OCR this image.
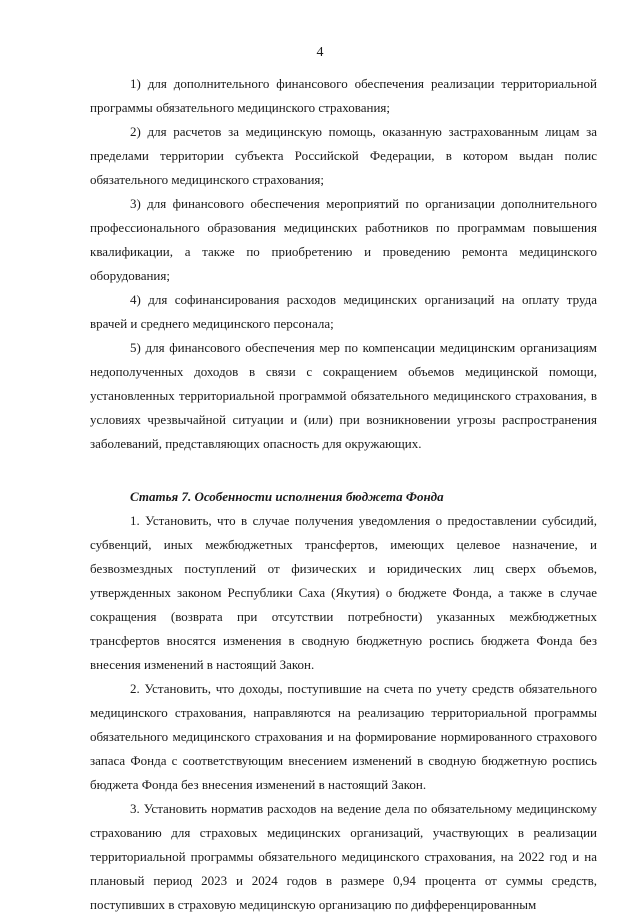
4

1) для дополнительного финансового обеспечения реализации территориальной программы обязательного медицинского страхования;

2) для расчетов за медицинскую помощь, оказанную застрахованным лицам за пределами территории субъекта Российской Федерации, в котором выдан полис обязательного медицинского страхования;

3) для финансового обеспечения мероприятий по организации дополнительного профессионального образования медицинских работников по программам повышения квалификации, а также по приобретению и проведению ремонта медицинского оборудования;

4) для софинансирования расходов медицинских организаций на оплату труда врачей и среднего медицинского персонала;

5) для финансового обеспечения мер по компенсации медицинским организациям недополученных доходов в связи с сокращением объемов медицинской помощи, установленных территориальной программой обязательного медицинского страхования, в условиях чрезвычайной ситуации и (или) при возникновении угрозы распространения заболеваний, представляющих опасность для окружающих.

Статья 7. Особенности исполнения бюджета Фонда

1. Установить, что в случае получения уведомления о предоставлении субсидий, субвенций, иных межбюджетных трансфертов, имеющих целевое назначение, и безвозмездных поступлений от физических и юридических лиц сверх объемов, утвержденных законом Республики Саха (Якутия) о бюджете Фонда, а также в случае сокращения (возврата при отсутствии потребности) указанных межбюджетных трансфертов вносятся изменения в сводную бюджетную роспись бюджета Фонда без внесения изменений в настоящий Закон.

2. Установить, что доходы, поступившие на счета по учету средств обязательного медицинского страхования, направляются на реализацию территориальной программы обязательного медицинского страхования и на формирование нормированного страхового запаса Фонда с соответствующим внесением изменений в сводную бюджетную роспись бюджета Фонда без внесения изменений в настоящий Закон.

3. Установить норматив расходов на ведение дела по обязательному медицинскому страхованию для страховых медицинских организаций, участвующих в реализации территориальной программы обязательного медицинского страхования, на 2022 год и на плановый период 2023 и 2024 годов в размере 0,94 процента от суммы средств, поступивших в страховую медицинскую организацию по дифференцированным
